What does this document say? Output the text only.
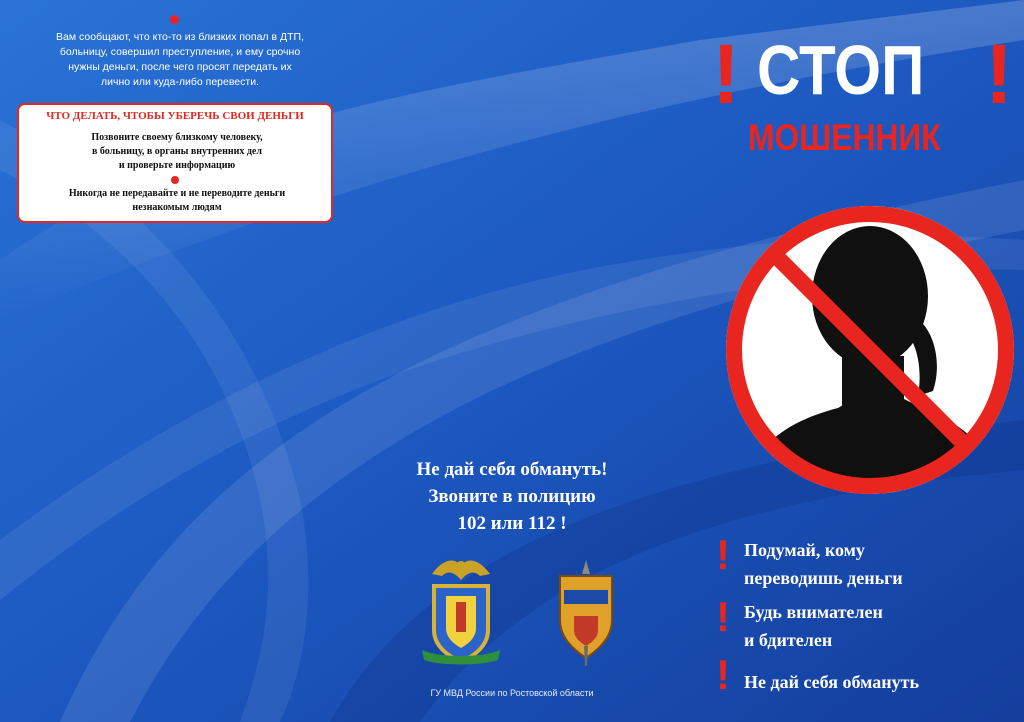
Вам сообщают, что кто-то из близких попал в ДТП,
больницу, совершил преступление, и ему срочно
нужны деньги, после чего просят передать их
лично или куда-либо перевести.
ЧТО ДЕЛАТЬ, ЧТОБЫ УБЕРЕЧЬ СВОИ ДЕНЬГИ
Позвоните своему близкому человеку,
в больницу, в органы внутренних дел
и проверьте информацию
Никогда не передавайте и не переводите деньги
незнакомым людям
! СТОП !
МОШЕННИК
Не дай себя обмануть!
Звоните в полицию
102 или 112 !
ГУ МВД России по Ростовской области
! Подумай, кому
переводишь деньги
! Будь внимателен
и бдителен
! Не дай себя обмануть
